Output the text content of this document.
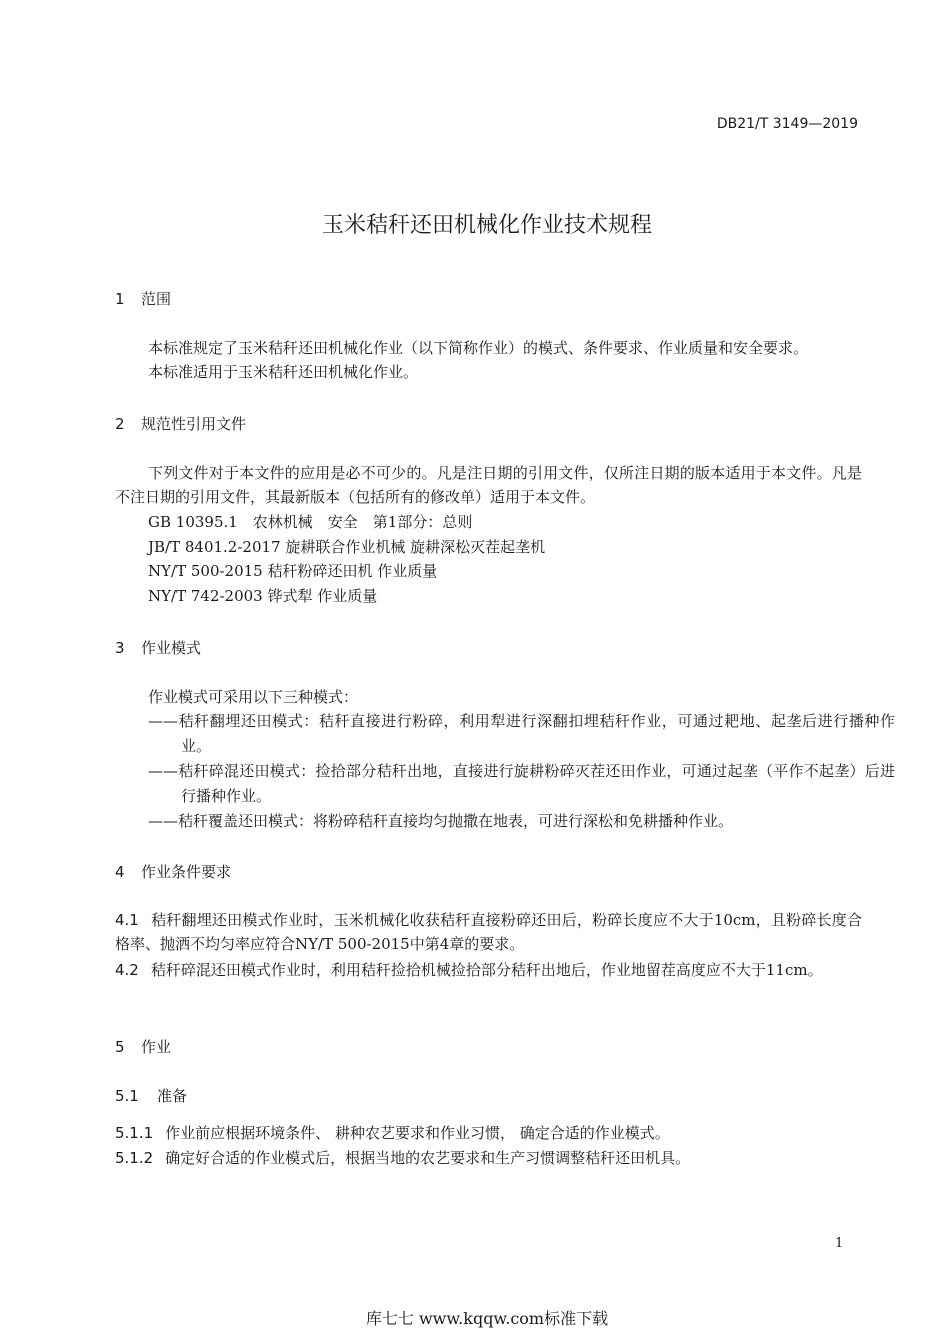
DB21/T 3149—2019
玉米秸秆还田机械化作业技术规程
1 范围
本标准规定了玉米秸秆还田机械化作业（以下简称作业）的模式、条件要求、作业质量和安全要求。
本标准适用于玉米秸秆还田机械化作业。
2 规范性引用文件
下列文件对于本文件的应用是必不可少的。凡是注日期的引用文件，仅所注日期的版本适用于本文件。凡是不注日期的引用文件，其最新版本（包括所有的修改单）适用于本文件。
GB 10395.1　农林机械　安全　第1部分：总则
JB/T 8401.2-2017 旋耕联合作业机械 旋耕深松灭茬起垄机
NY/T 500-2015 秸秆粉碎还田机 作业质量
NY/T 742-2003 铧式犁 作业质量
3 作业模式
作业模式可采用以下三种模式：
——秸秆翻埋还田模式：秸秆直接进行粉碎，利用犁进行深翻扣埋秸秆作业，可通过耙地、起垄后进行播种作业。
——秸秆碎混还田模式：捡拾部分秸秆出地，直接进行旋耕粉碎灭茬还田作业，可通过起垄（平作不起垄）后进行播种作业。
——秸秆覆盖还田模式：将粉碎秸秆直接均匀抛撒在地表，可进行深松和免耕播种作业。
4 作业条件要求
4.1 秸秆翻埋还田模式作业时，玉米机械化收获秸秆直接粉碎还田后，粉碎长度应不大于10cm，且粉碎长度合格率、抛洒不均匀率应符合NY/T 500-2015中第4章的要求。
4.2 秸秆碎混还田模式作业时，利用秸秆捡拾机械捡拾部分秸秆出地后，作业地留茬高度应不大于11cm。
5 作业
5.1 准备
5.1.1 作业前应根据环境条件、 耕种农艺要求和作业习惯， 确定合适的作业模式。
5.1.2 确定好合适的作业模式后，根据当地的农艺要求和生产习惯调整秸秆还田机具。
1
库七七 www.kqqw.com标准下载
